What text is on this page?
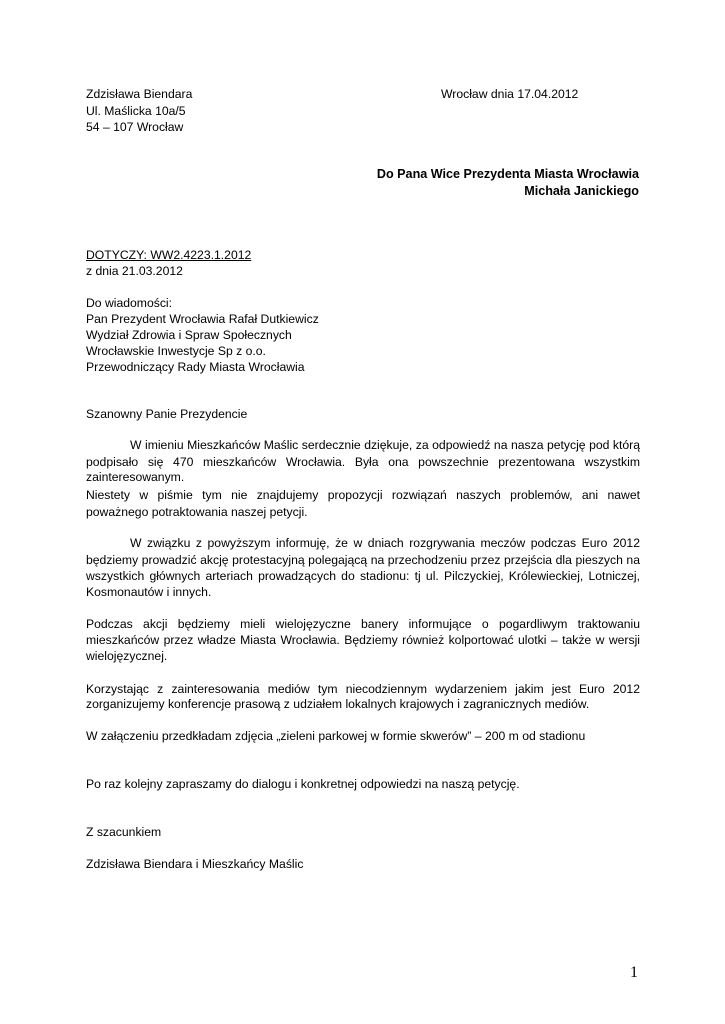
Zdzisława Biendara
Ul. Maślicka 10a/5
54 – 107 Wrocław
Wrocław dnia 17.04.2012
Do Pana Wice Prezydenta Miasta Wrocławia
Michała Janickiego
DOTYCZY: WW2.4223.1.2012
z dnia 21.03.2012
Do wiadomości:
Pan Prezydent Wrocławia Rafał Dutkiewicz
Wydział Zdrowia i Spraw Społecznych
Wrocławskie Inwestycje Sp z o.o.
Przewodniczący Rady Miasta Wrocławia
Szanowny Panie Prezydencie
W imieniu Mieszkańców Maślic serdecznie dziękuje, za odpowiedź na nasza petycję pod którą
podpisało się 470 mieszkańców Wrocławia. Była ona powszechnie prezentowana wszystkim
zainteresowanym.
Niestety w piśmie tym nie znajdujemy propozycji rozwiązań naszych problemów, ani nawet
poważnego potraktowania naszej petycji.
W związku z powyższym informuję, że w dniach rozgrywania meczów podczas Euro 2012
będziemy prowadzić akcję protestacyjną polegającą na przechodzeniu przez przejścia dla pieszych na
wszystkich głównych arteriach prowadzących do stadionu: tj ul. Pilczyckiej, Królewieckiej, Lotniczej,
Kosmonautów i innych.
Podczas akcji będziemy mieli wielojęzyczne banery informujące o pogardliwym traktowaniu
mieszkańców przez władze Miasta Wrocławia. Będziemy również kolportować ulotki – także w wersji
wielojęzycznej.
Korzystając z zainteresowania mediów tym niecodziennym wydarzeniem jakim jest Euro 2012
zorganizujemy konferencje prasową z udziałem lokalnych krajowych i zagranicznych mediów.
W załączeniu przedkładam zdjęcia „zieleni parkowej w formie skwerów” – 200 m od stadionu
Po raz kolejny zapraszamy do dialogu i konkretnej odpowiedzi na naszą petycję.
Z szacunkiem
Zdzisława Biendara i Mieszkańcy Maślic
1
